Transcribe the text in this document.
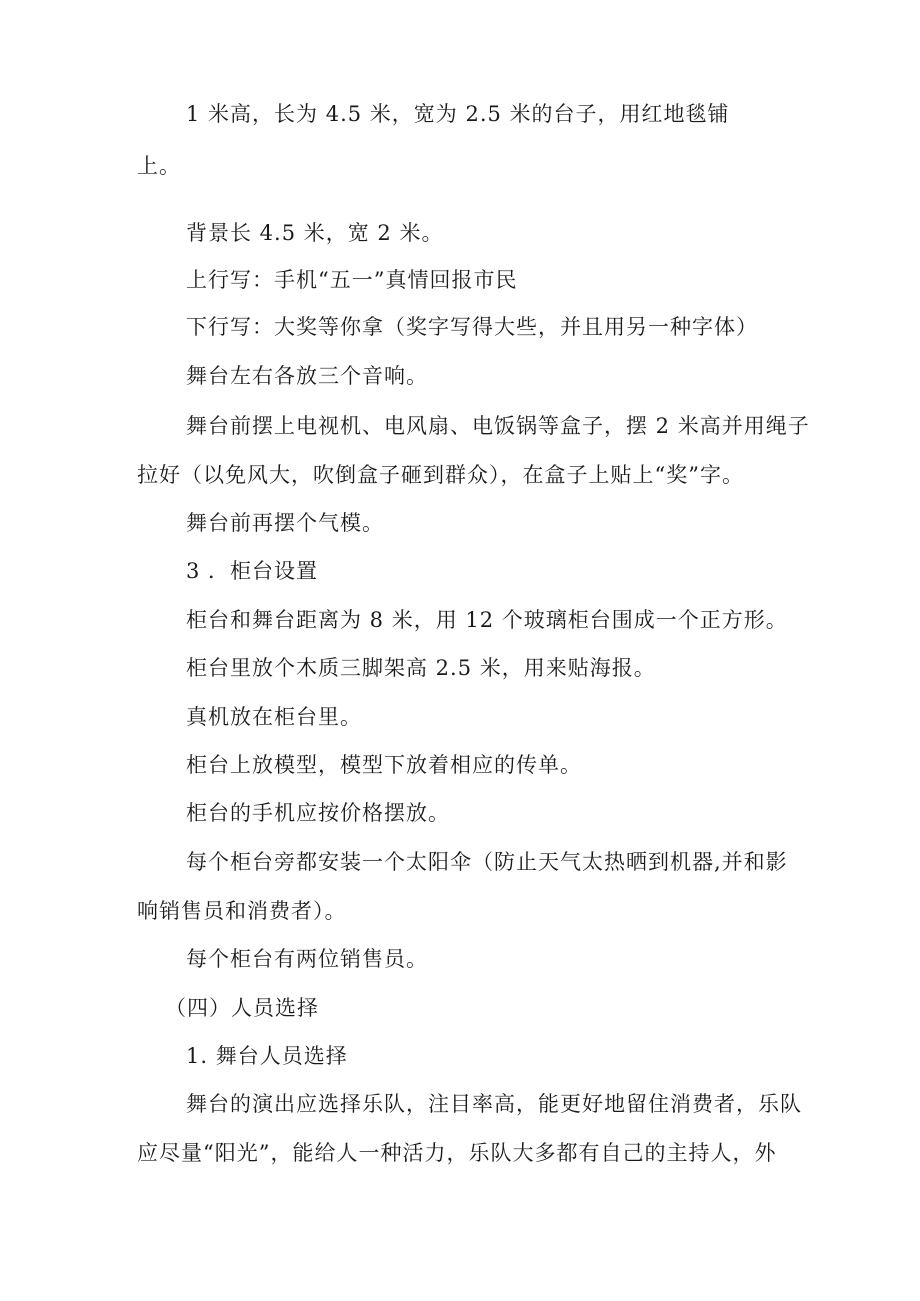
1 米高，长为 4.5 米，宽为 2.5 米的台子，用红地毯铺
上。
背景长 4.5 米，宽 2 米。
上行写：手机“五一”真情回报市民
下行写：大奖等你拿（奖字写得大些，并且用另一种字体）
舞台左右各放三个音响。
舞台前摆上电视机、电风扇、电饭锅等盒子，摆 2 米高并用绳子
拉好（以免风大，吹倒盒子砸到群众），在盒子上贴上“奖”字。
舞台前再摆个气模。
3 ．柜台设置
柜台和舞台距离为 8 米，用 12 个玻璃柜台围成一个正方形。
柜台里放个木质三脚架高 2.5 米，用来贴海报。
真机放在柜台里。
柜台上放模型，模型下放着相应的传单。
柜台的手机应按价格摆放。
每个柜台旁都安装一个太阳伞（防止天气太热晒到机器,并和影
响销售员和消费者）。
每个柜台有两位销售员。
（四）人员选择
1. 舞台人员选择
舞台的演出应选择乐队，注目率高，能更好地留住消费者，乐队
应尽量“阳光”，能给人一种活力，乐队大多都有自己的主持人，外
